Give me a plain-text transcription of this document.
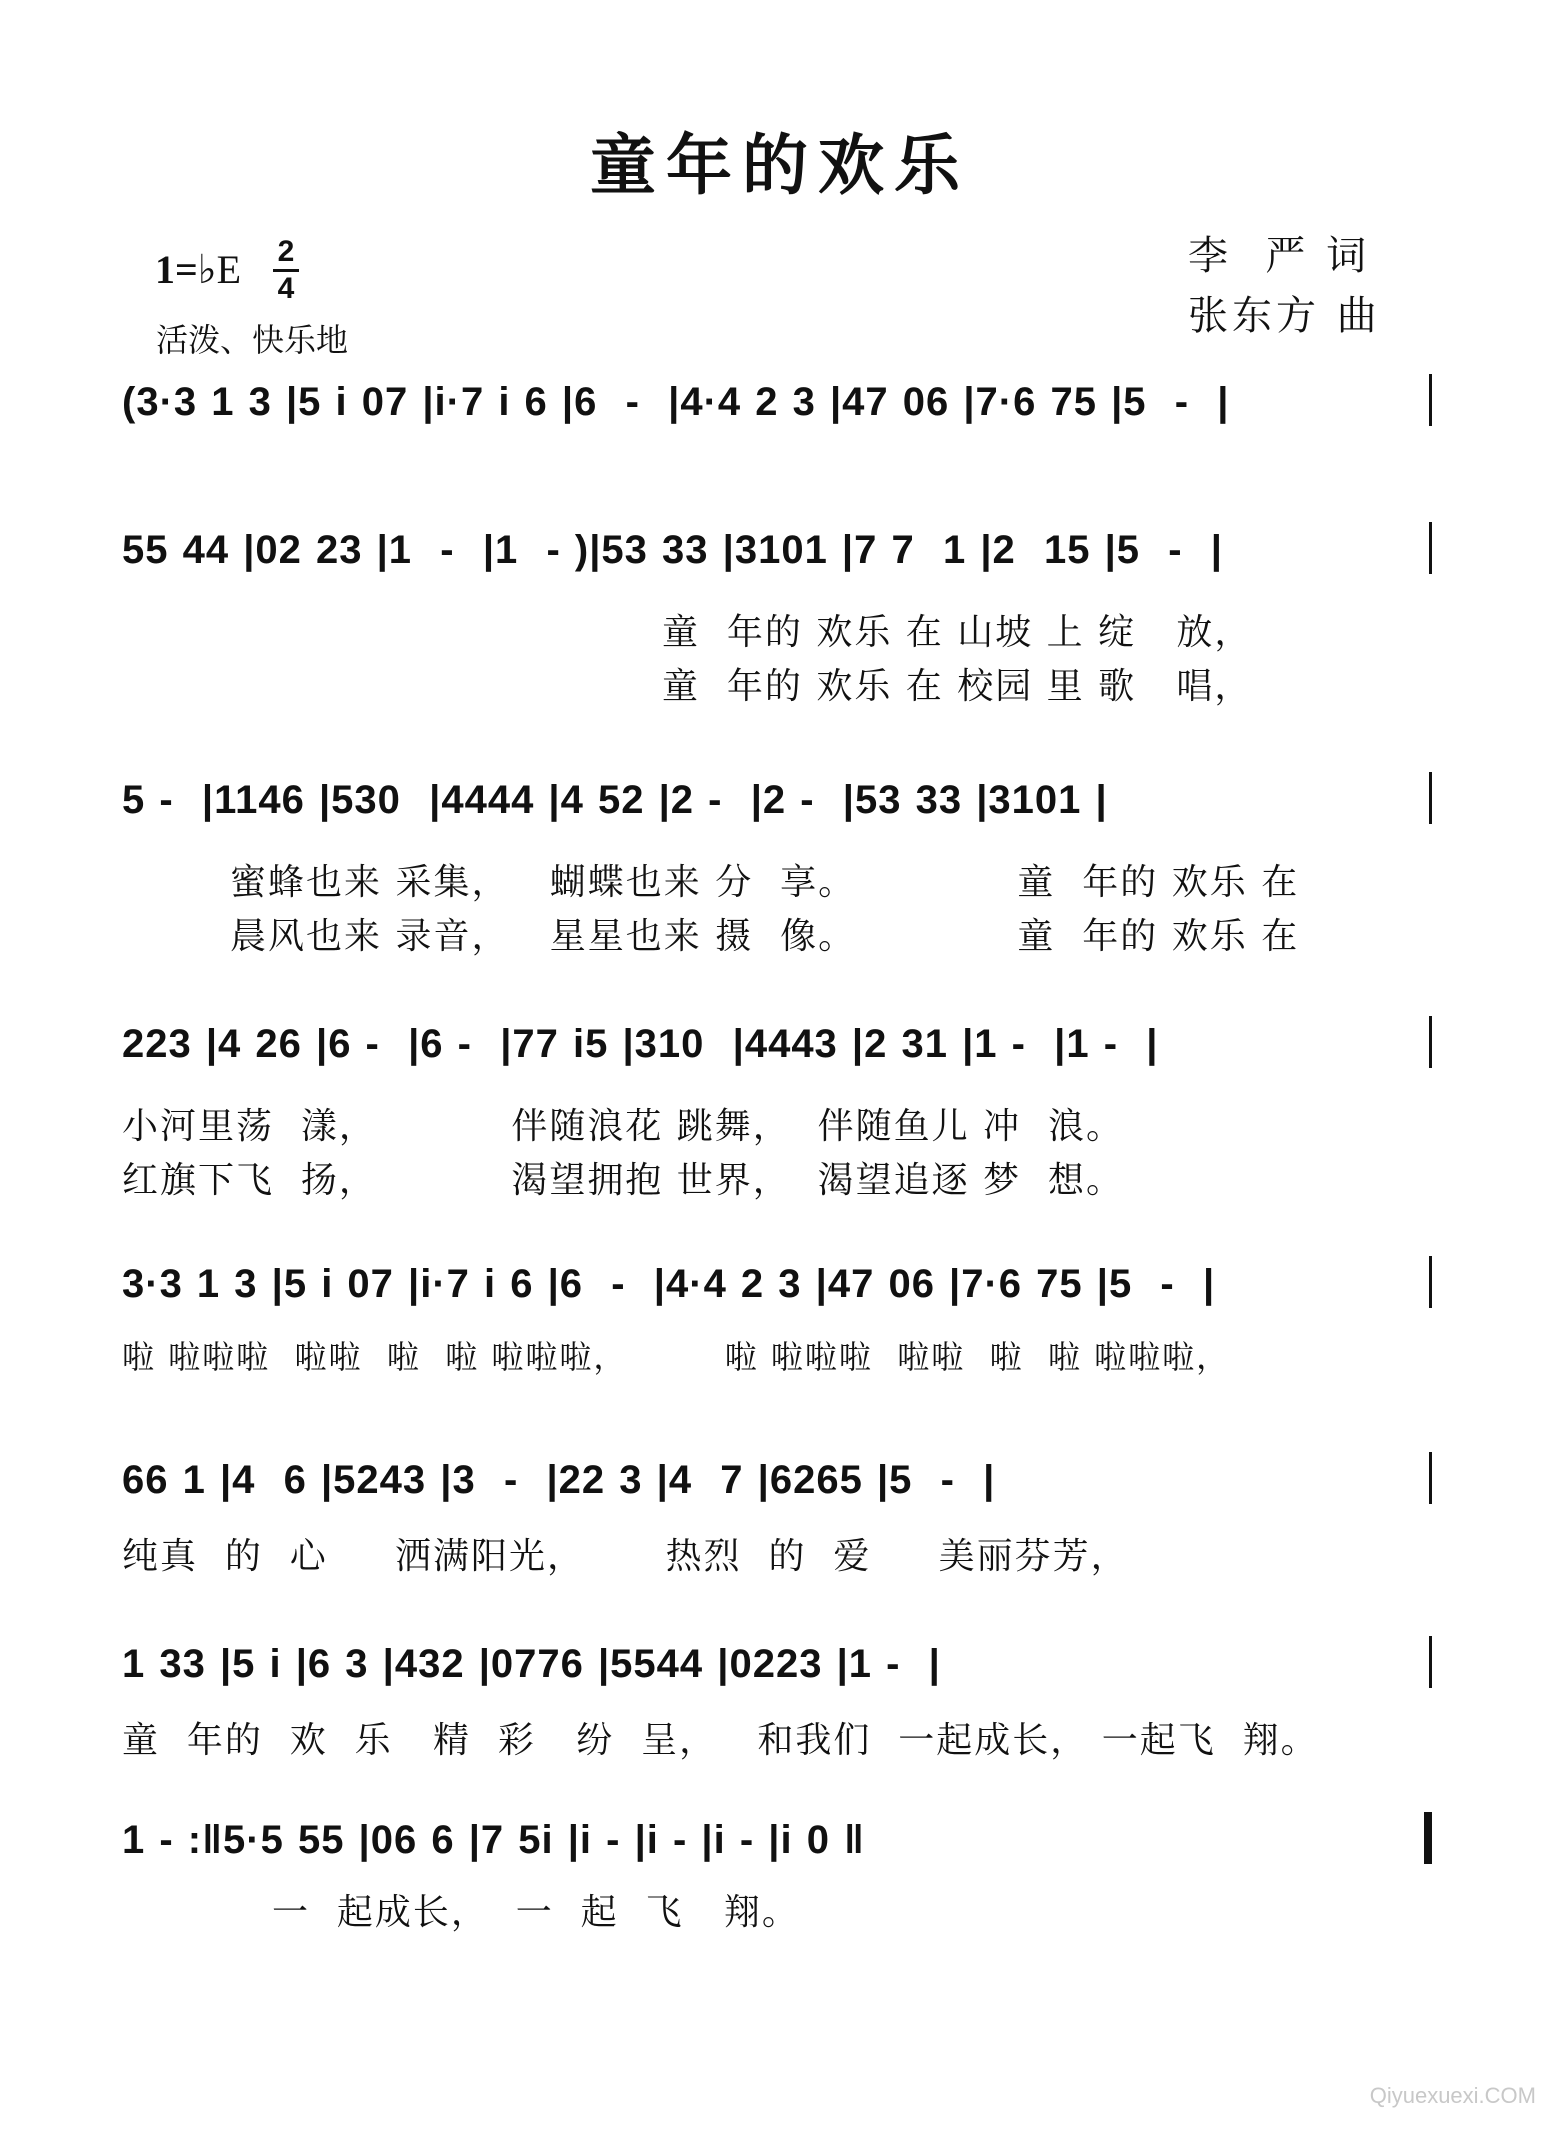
童年的欢乐
1=♭E 2
4
活泼、快乐地
李  严 词
张东方 曲
(3·3 1 3 |5 i 07 |i·7 i 6 |6  -  |4·4 2 3 |47 06 |7·6 75 |5  -  |
55 44 |02 23 |1  -  |1  - )|53 33 |3101 |7 7  1 |2  15 |5  -  |
童  年的 欢乐 在 山坡 上 绽   放，
童  年的 欢乐 在 校园 里 歌   唱，
5 -  |1146 |530  |4444 |4 52 |2 -  |2 -  |53 33 |3101 |
蜜蜂也来 采集，   蝴蝶也来 分  享。            童  年的 欢乐 在
晨风也来 录音，   星星也来 摄  像。            童  年的 欢乐 在
223 |4 26 |6 -  |6 -  |77 i5 |310  |4443 |2 31 |1 -  |1 -  |
小河里荡  漾，          伴随浪花 跳舞，  伴随鱼儿 冲  浪。
红旗下飞  扬，          渴望拥抱 世界，  渴望追逐 梦  想。
3·3 1 3 |5 i 07 |i·7 i 6 |6  -  |4·4 2 3 |47 06 |7·6 75 |5  -  |
啦 啦啦啦  啦啦  啦  啦 啦啦啦，        啦 啦啦啦  啦啦  啦  啦 啦啦啦，
66 1 |4  6 |5243 |3  -  |22 3 |4  7 |6265 |5  -  |
纯真  的  心     洒满阳光，      热烈  的  爱     美丽芬芳，
1 33 |5 i |6 3 |432 |0776 |5544 |0223 |1 -  |
童  年的  欢  乐   精  彩   纷  呈，   和我们  一起成长， 一起飞  翔。
1 - :‖5·5 55 |06 6 |7 5i |i - |i - |i - |i 0 ‖
一  起成长，  一  起  飞   翔。
Qiyuexuexi.COM
